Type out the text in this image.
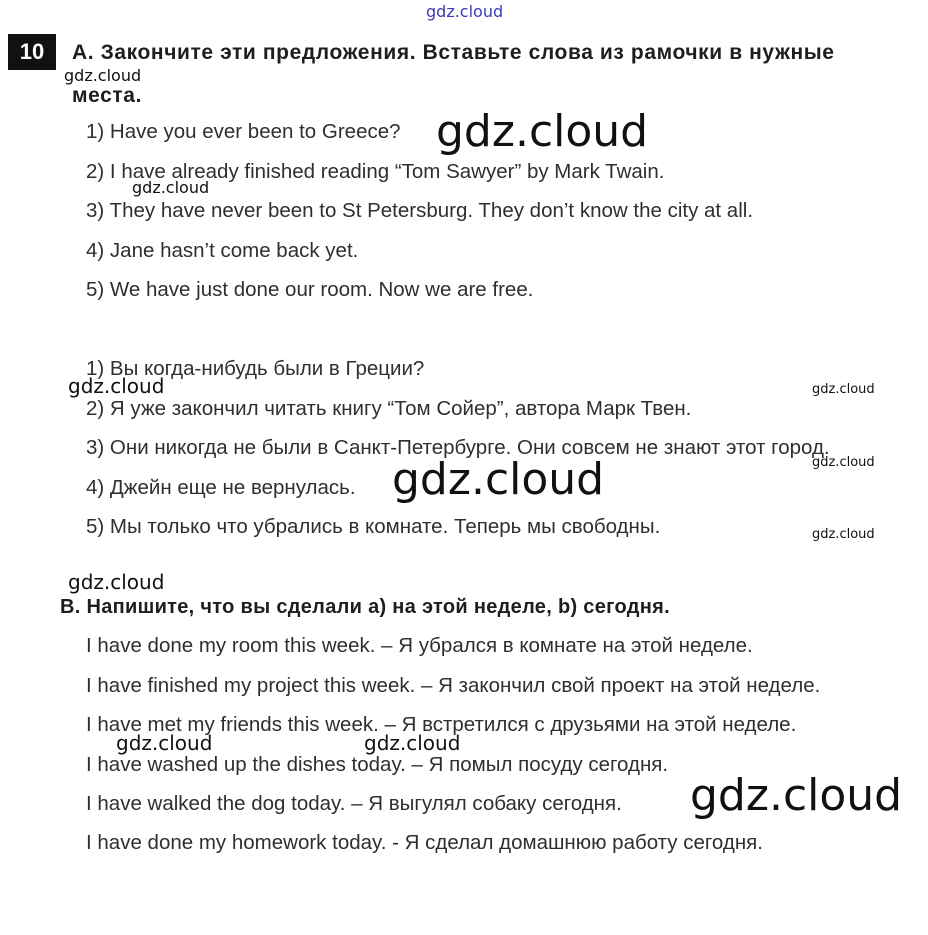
gdz.cloud
10	А. Закончите эти предложения. Вставьте слова из рамочки в нужные
gdz.cloud
места.
1) Have you ever been to Greece?
2) I have already finished reading “Tom Sawyer” by Mark Twain.
3) They have never been to St Petersburg. They don’t know the city at all.
4) Jane hasn’t come back yet.
5) We have just done our room. Now we are free.
gdz.cloud
gdz.cloud
1) Вы когда-нибудь были в Греции?
2) Я уже закончил читать книгу “Том Сойер”, автора Марк Твен.
3) Они никогда не были в Санкт-Петербурге. Они совсем не знают этот город.
4) Джейн еще не вернулась.
5) Мы только что убрались в комнате. Теперь мы свободны.
gdz.cloud	gdz.cloud
gdz.cloud
gdz.cloud
gdz.cloud
gdz.cloud
B. Напишите, что вы сделали a) на этой неделе, b) сегодня.
I have done my room this week. – Я убрался в комнате на этой неделе.
I have finished my project this week. – Я закончил свой проект на этой неделе.
I have met my friends this week. – Я встретился с друзьями на этой неделе.
I have washed up the dishes today. – Я помыл посуду сегодня.
I have walked the dog today. – Я выгулял собаку сегодня.
I have done my homework today. - Я сделал домашнюю работу сегодня.
gdz.cloud	gdz.cloud
gdz.cloud
